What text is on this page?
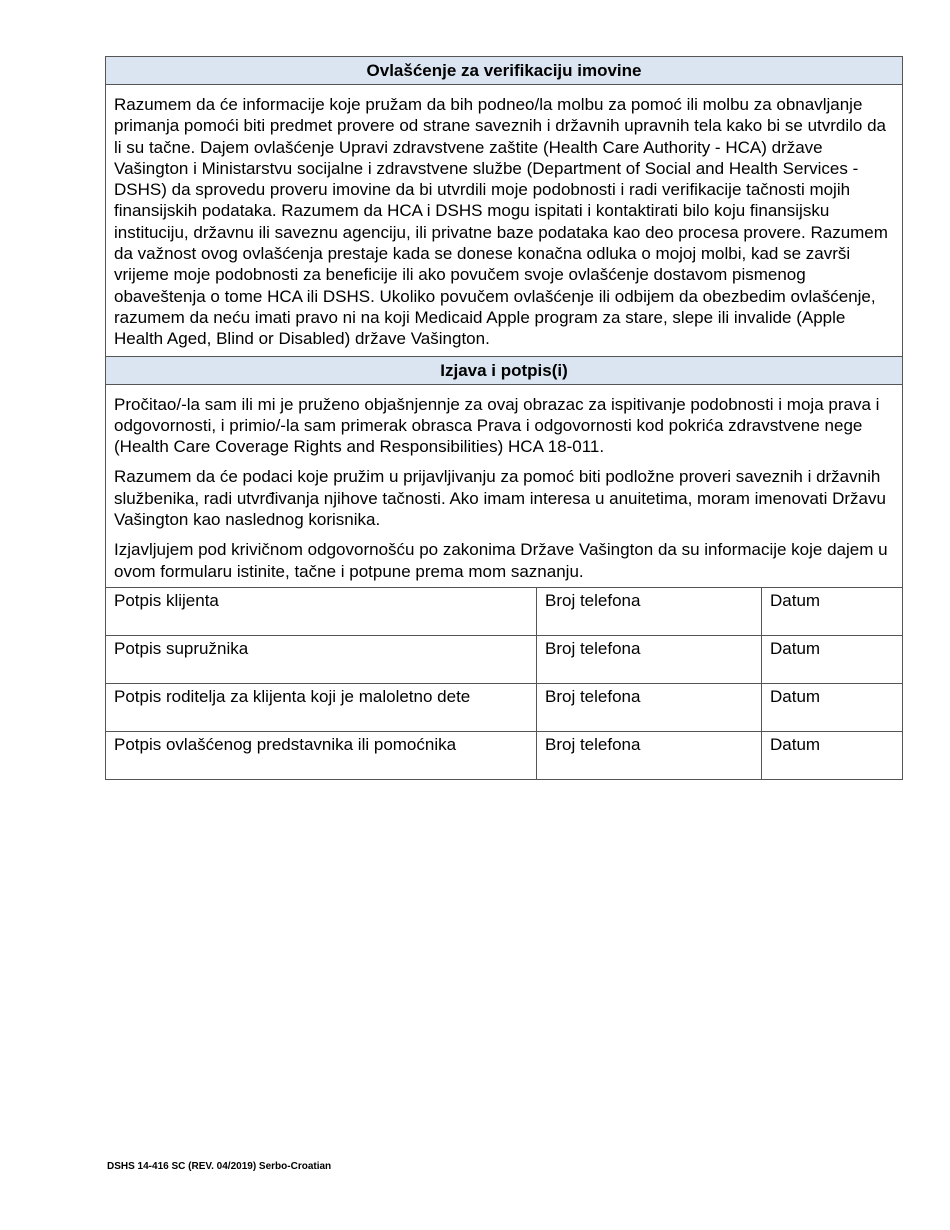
Ovlašćenje za verifikaciju imovine		

Razumem da će informacije koje pružam da bih podneo/la molbu za pomoć ili molbu za obnavljanje primanja pomoći biti predmet provere od strane saveznih i državnih upravnih tela kako bi se utvrdilo da li su tačne. Dajem ovlašćenje Upravi zdravstvene zaštite (Health Care Authority - HCA) države Vašington i Ministarstvu socijalne i zdravstvene službe (Department of Social and Health Services - DSHS) da sprovedu proveru imovine da bi utvrdili moje podobnosti i radi verifikacije tačnosti mojih finansijskih podataka. Razumem da HCA i DSHS mogu ispitati i kontaktirati bilo koju finansijsku instituciju, državnu ili saveznu agenciju, ili privatne baze podataka kao deo procesa provere. Razumem da važnost ovog ovlašćenja prestaje kada se donese konačna odluka o mojoj molbi, kad se završi vrijeme moje podobnosti za beneficije ili ako povučem svoje ovlašćenje dostavom pismenog obaveštenja o tome HCA ili DSHS. Ukoliko povučem ovlašćenje ili odbijem da obezbedim ovlašćenje, razumem da neću imati pravo ni na koji Medicaid Apple program za stare, slepe ili invalide (Apple Health Aged, Blind or Disabled) države Vašington.		

Izjava i potpis(i)		

Pročitao/-la sam ili mi je pruženo objašnjennje za ovaj obrazac za ispitivanje podobnosti i moja prava i odgovornosti, i primio/-la sam primerak obrasca Prava i odgovornosti kod pokrića zdravstvene nege (Health Care Coverage Rights and Responsibilities) HCA 18-011.

Razumem da će podaci koje pružim u prijavljivanju za pomoć biti podložne proveri saveznih i državnih službenika, radi utvrđivanja njihove tačnosti. Ako imam interesa u anuitetima, moram imenovati Državu Vašington kao naslednog korisnika.

Izjavljujem pod krivičnom odgovornošću po zakonima Države Vašington da su informacije koje dajem u ovom formularu istinite, tačne i potpune prema mom saznanju.		

Potpis klijenta	Broj telefona	Datum
Potpis supružnika	Broj telefona	Datum
Potpis roditelja za klijenta koji je maloletno dete	Broj telefona	Datum
Potpis ovlašćenog predstavnika ili pomoćnika	Broj telefona	Datum
DSHS 14-416 SC (REV. 04/2019) Serbo-Croatian
